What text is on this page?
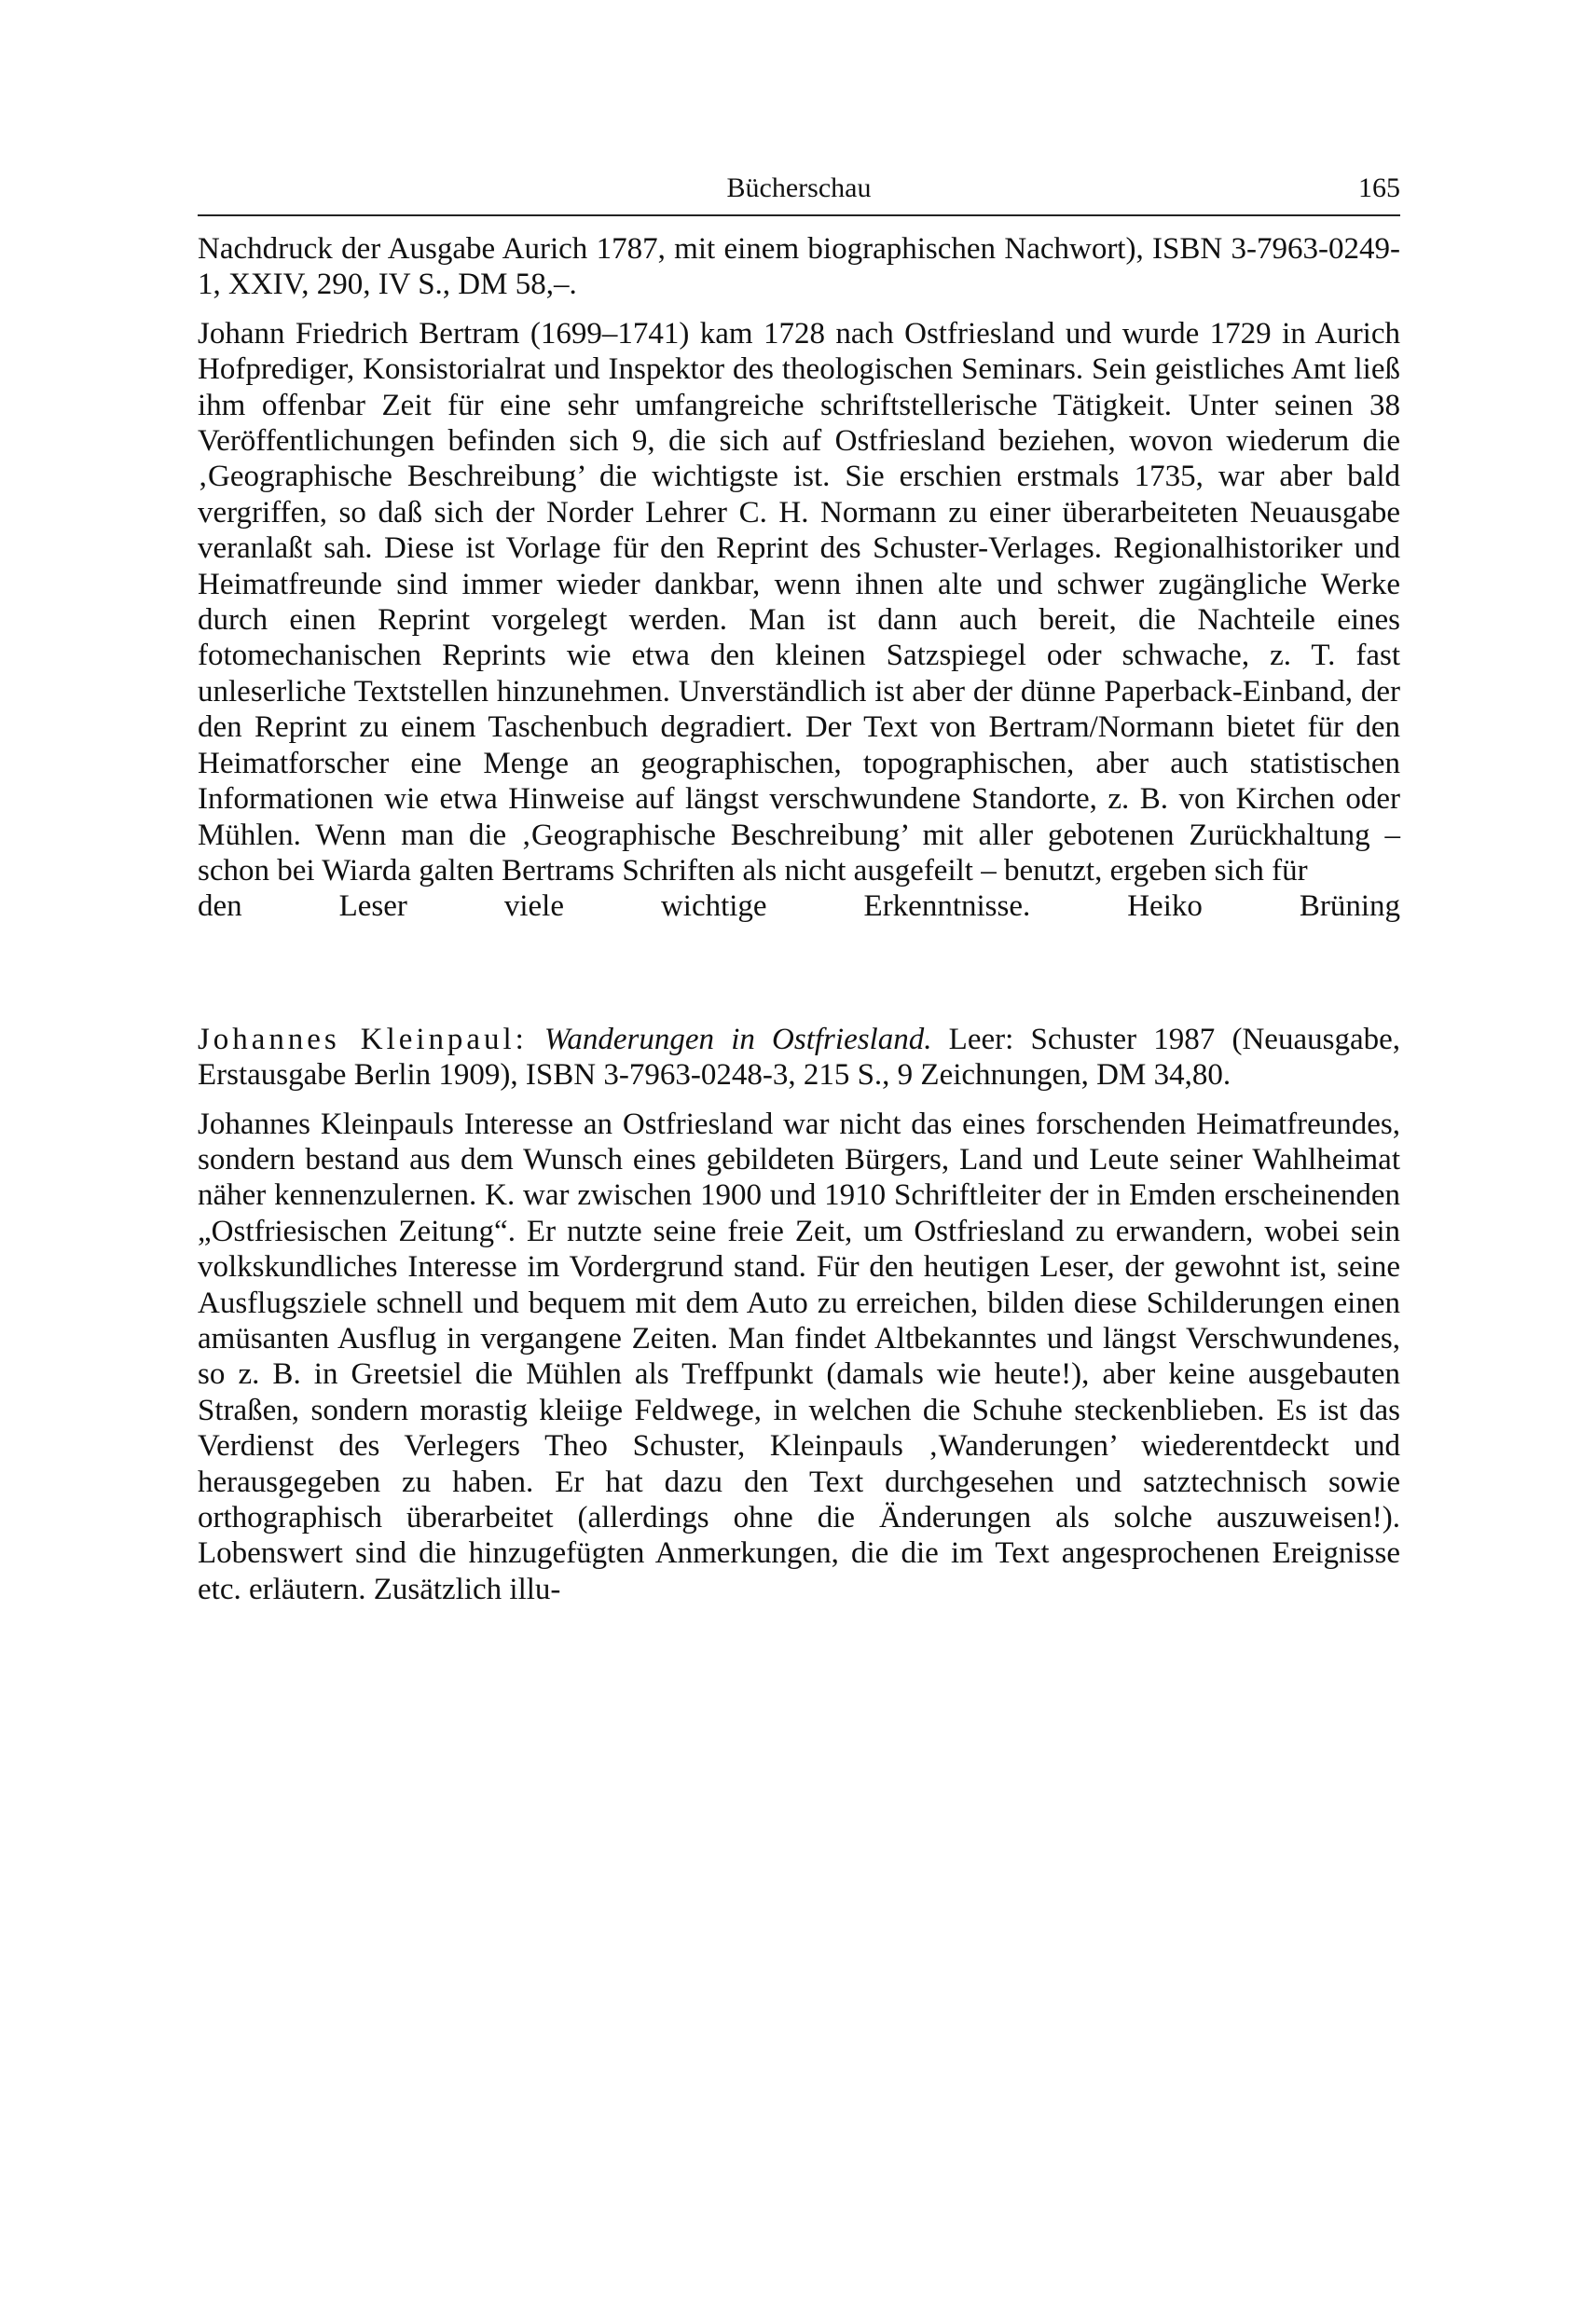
Bücherschau	165

Nachdruck der Ausgabe Aurich 1787, mit einem biographischen Nachwort), ISBN 3-7963-0249-1, XXIV, 290, IV S., DM 58,–.

Johann Friedrich Bertram (1699–1741) kam 1728 nach Ostfriesland und wurde 1729 in Aurich Hofprediger, Konsistorialrat und Inspektor des theologischen Seminars. Sein geistliches Amt ließ ihm offenbar Zeit für eine sehr umfangreiche schriftstellerische Tätigkeit. Unter seinen 38 Veröffentlichungen befinden sich 9, die sich auf Ostfriesland beziehen, wovon wiederum die ‚Geographische Beschreibung’ die wichtigste ist. Sie erschien erstmals 1735, war aber bald vergriffen, so daß sich der Norder Lehrer C. H. Normann zu einer überarbeiteten Neuausgabe veranlaßt sah. Diese ist Vorlage für den Reprint des Schuster-Verlages. Regionalhistoriker und Heimatfreunde sind immer wieder dankbar, wenn ihnen alte und schwer zugängliche Werke durch einen Reprint vorgelegt werden. Man ist dann auch bereit, die Nachteile eines fotomechanischen Reprints wie etwa den kleinen Satzspiegel oder schwache, z. T. fast unleserliche Textstellen hinzunehmen. Unverständlich ist aber der dünne Paperback-Einband, der den Reprint zu einem Taschenbuch degradiert. Der Text von Bertram/Normann bietet für den Heimatforscher eine Menge an geographischen, topographischen, aber auch statistischen Informationen wie etwa Hinweise auf längst verschwundene Standorte, z. B. von Kirchen oder Mühlen. Wenn man die ‚Geographische Beschreibung’ mit aller gebotenen Zurückhaltung – schon bei Wiarda galten Bertrams Schriften als nicht ausgefeilt – benutzt, ergeben sich für

den Leser viele wichtige Erkenntnisse.	Heiko Brüning

Johannes Kleinpaul: Wanderungen in Ostfriesland. Leer: Schuster 1987 (Neuausgabe, Erstausgabe Berlin 1909), ISBN 3-7963-0248-3, 215 S., 9 Zeichnungen, DM 34,80.

Johannes Kleinpauls Interesse an Ostfriesland war nicht das eines forschenden Heimatfreundes, sondern bestand aus dem Wunsch eines gebildeten Bürgers, Land und Leute seiner Wahlheimat näher kennenzulernen. K. war zwischen 1900 und 1910 Schriftleiter der in Emden erscheinenden „Ostfriesischen Zeitung“. Er nutzte seine freie Zeit, um Ostfriesland zu erwandern, wobei sein volkskundliches Interesse im Vordergrund stand. Für den heutigen Leser, der gewohnt ist, seine Ausflugsziele schnell und bequem mit dem Auto zu erreichen, bilden diese Schilderungen einen amüsanten Ausflug in vergangene Zeiten. Man findet Altbekanntes und längst Verschwundenes, so z. B. in Greetsiel die Mühlen als Treffpunkt (damals wie heute!), aber keine ausgebauten Straßen, sondern morastig kleiige Feldwege, in welchen die Schuhe steckenblieben. Es ist das Verdienst des Verlegers Theo Schuster, Kleinpauls ‚Wanderungen’ wiederentdeckt und herausgegeben zu haben. Er hat dazu den Text durchgesehen und satztechnisch sowie orthographisch überarbeitet (allerdings ohne die Änderungen als solche auszuweisen!). Lobenswert sind die hinzugefügten Anmerkungen, die die im Text angesprochenen Ereignisse etc. erläutern. Zusätzlich illu-
